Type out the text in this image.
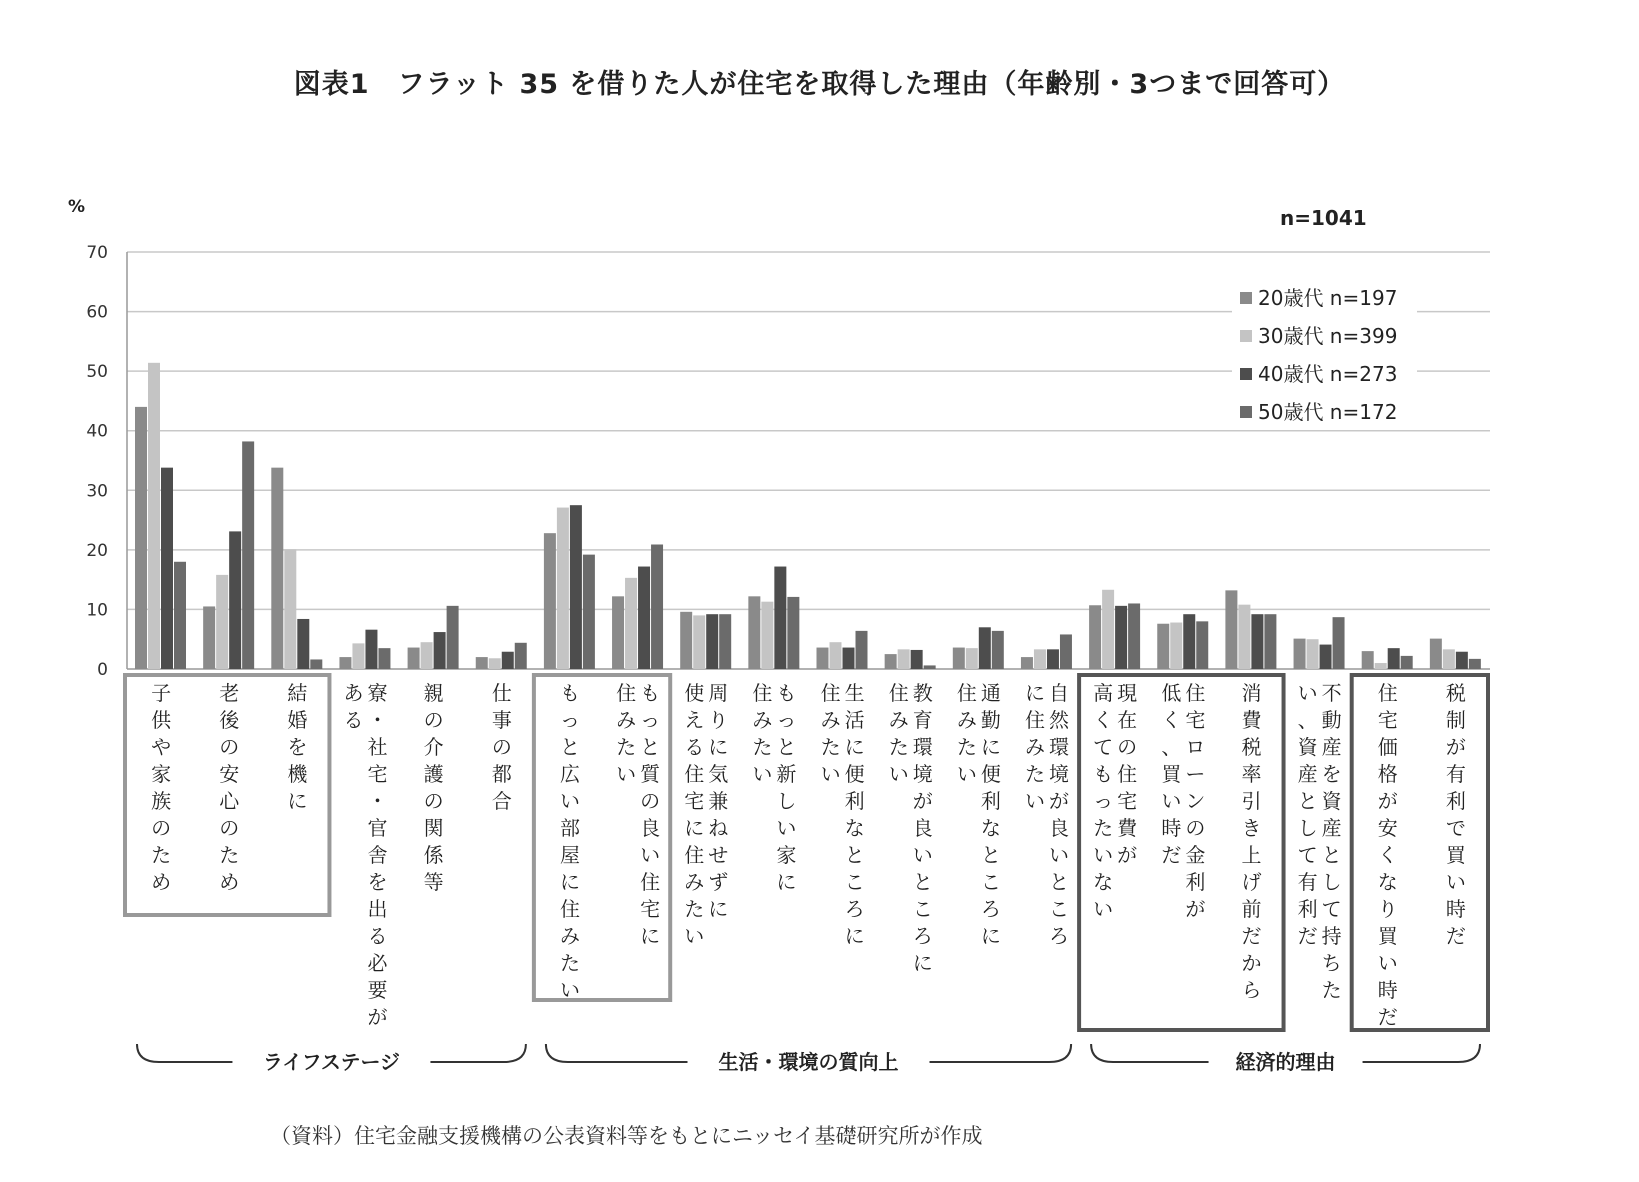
図表1　フラット 35 を借りた人が住宅を取得した理由（年齢別・3つまで回答可）
%	n=1041
0
10
20
30
40
50
60
70
子供や家族のため
老後の安心のため
結婚を機に
寮・社宅・官舎を出る必要が
ある
親の介護の関係等
仕事の都合
もっと広い部屋に住みたい
もっと質の良い住宅に
住みたい
周りに気兼ねせずに
使える住宅に住みたい
もっと新しい家に
住みたい
生活に便利なところに
住みたい
教育環境が良いところに
住みたい
通勤に便利なところに
住みたい
自然環境が良いところ
に住みたい
現在の住宅費が
高くてもったいない
住宅ローンの金利が
低く、買い時だ
消費税率引き上げ前だから
不動産を資産として持ちた
い、資産として有利だ
住宅価格が安くなり買い時だ
税制が有利で買い時だ
ライフステージ	生活・環境の質向上	経済的理由
20歳代 n=197
30歳代 n=399
40歳代 n=273
50歳代 n=172
（資料）住宅金融支援機構の公表資料等をもとにニッセイ基礎研究所が作成
